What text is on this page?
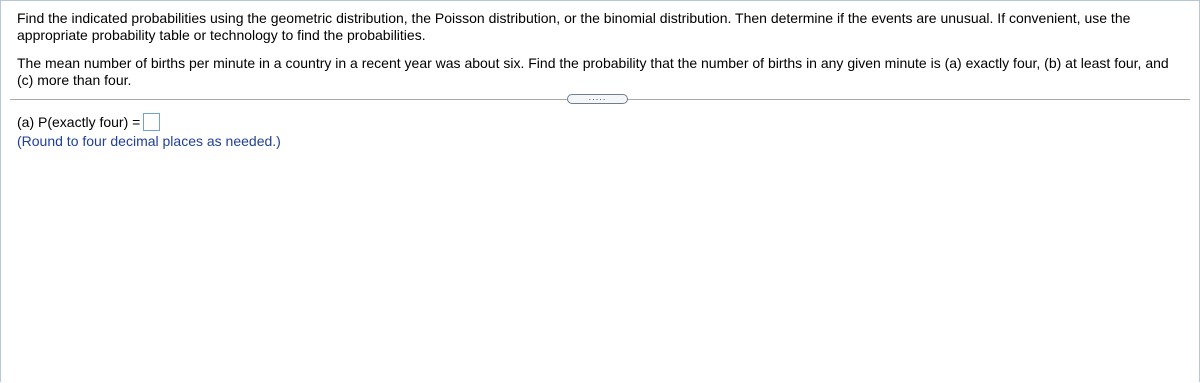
Find the indicated probabilities using the geometric distribution, the Poisson distribution, or the binomial distribution. Then determine if the events are unusual. If convenient, use the appropriate probability table or technology to find the probabilities.
The mean number of births per minute in a country in a recent year was about six. Find the probability that the number of births in any given minute is (a) exactly four, (b) at least four, and (c) more than four.
.....
(a) P(exactly four) =
(Round to four decimal places as needed.)
